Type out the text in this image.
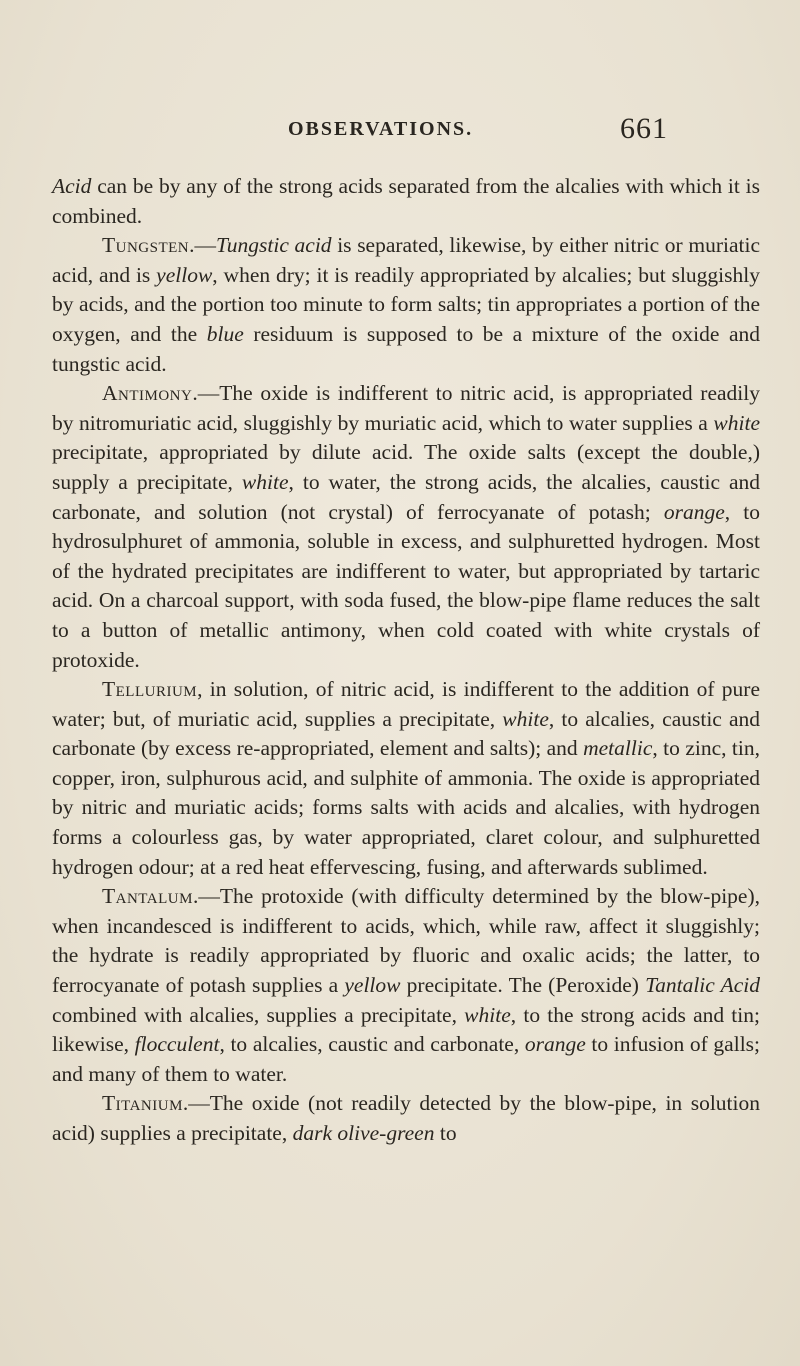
OBSERVATIONS.	661

Acid can be by any of the strong acids separated from the alcalies with which it is combined.

Tungsten.—Tungstic acid is separated, likewise, by either nitric or muriatic acid, and is yellow, when dry; it is readily appropriated by alcalies; but sluggishly by acids, and the portion too minute to form salts; tin appropriates a portion of the oxygen, and the blue residuum is supposed to be a mixture of the oxide and tungstic acid.

Antimony.—The oxide is indifferent to nitric acid, is appropriated readily by nitromuriatic acid, sluggishly by muriatic acid, which to water supplies a white precipitate, appropriated by dilute acid. The oxide salts (except the double,) supply a precipitate, white, to water, the strong acids, the alcalies, caustic and carbonate, and solution (not crystal) of ferrocyanate of potash; orange, to hydrosulphuret of ammonia, soluble in excess, and sulphuretted hydrogen. Most of the hydrated precipitates are indifferent to water, but appropriated by tartaric acid. On a charcoal support, with soda fused, the blow-pipe flame reduces the salt to a button of metallic antimony, when cold coated with white crystals of protoxide.

Tellurium, in solution, of nitric acid, is indifferent to the addition of pure water; but, of muriatic acid, supplies a precipitate, white, to alcalies, caustic and carbonate (by excess re-appropriated, element and salts); and metallic, to zinc, tin, copper, iron, sulphurous acid, and sulphite of ammonia. The oxide is appropriated by nitric and muriatic acids; forms salts with acids and alcalies, with hydrogen forms a colourless gas, by water appropriated, claret colour, and sulphuretted hydrogen odour; at a red heat effervescing, fusing, and afterwards sublimed.

Tantalum.—The protoxide (with difficulty determined by the blow-pipe), when incandesced is indifferent to acids, which, while raw, affect it sluggishly; the hydrate is readily appropriated by fluoric and oxalic acids; the latter, to ferrocyanate of potash supplies a yellow precipitate. The (Peroxide) Tantalic Acid combined with alcalies, supplies a precipitate, white, to the strong acids and tin; likewise, flocculent, to alcalies, caustic and carbonate, orange to infusion of galls; and many of them to water.

Titanium.—The oxide (not readily detected by the blow-pipe, in solution acid) supplies a precipitate, dark olive-green to
